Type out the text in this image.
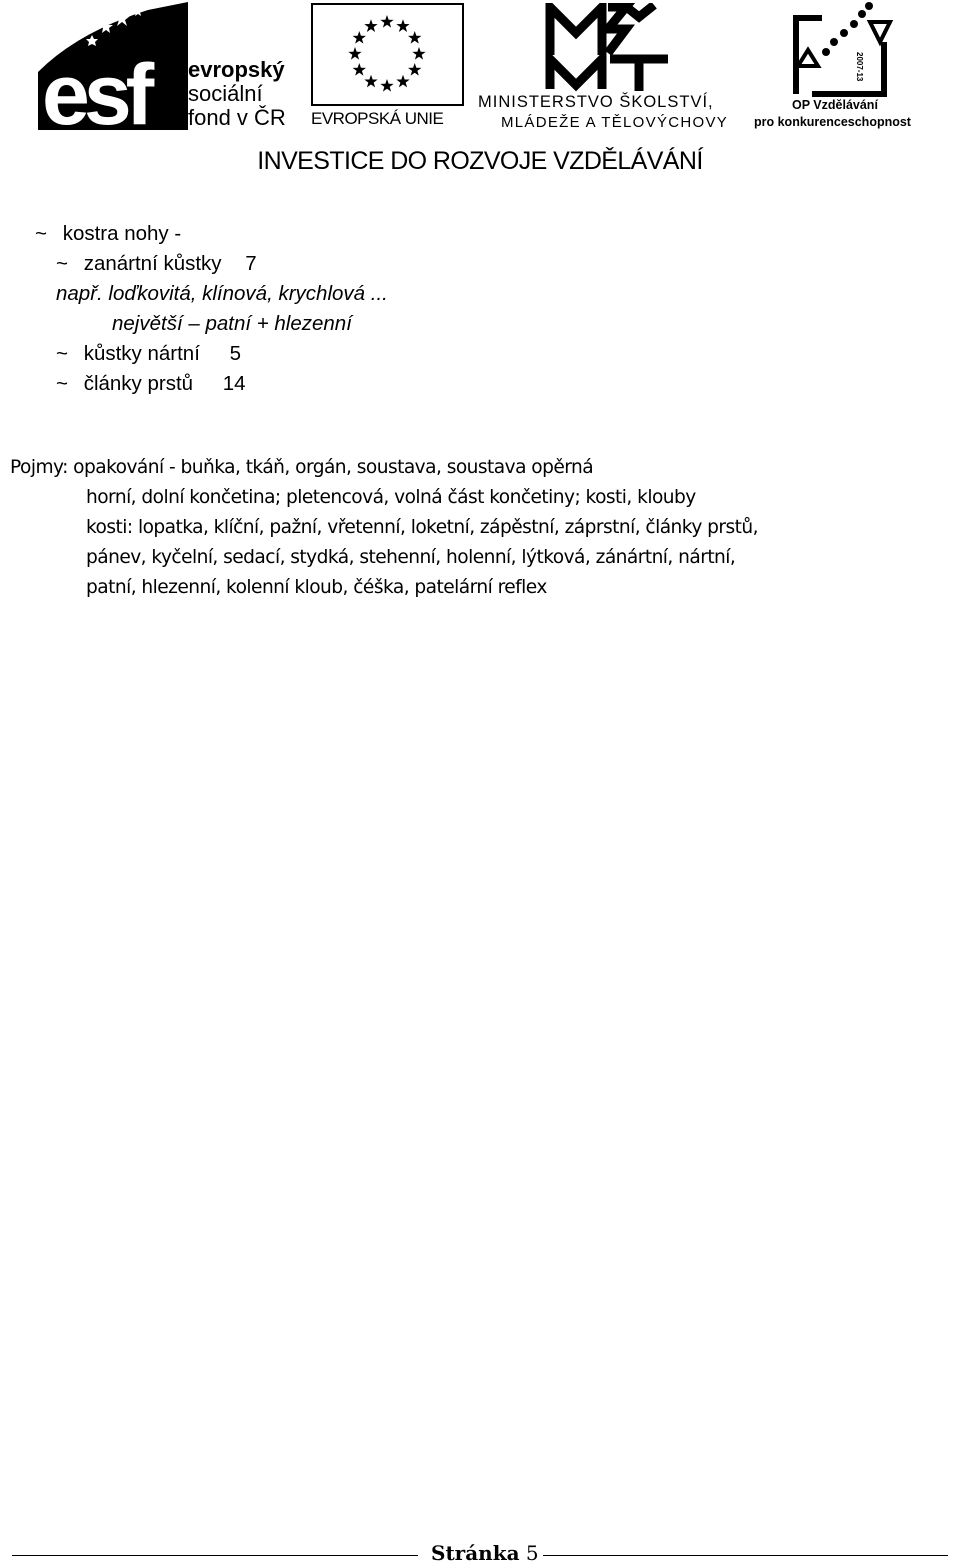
esf evropský
sociální
fond v ČR EVROPSKÁ UNIE
MINISTERSTVO ŠKOLSTVÍ,
MLÁDEŽE A TĚLOVÝCHOVY
2007-13
OP Vzdělávání
pro konkurenceschopnost
INVESTICE DO ROZVOJE VZDĚLÁVÁNÍ
~ kostra nohy -
~ zanártní kůstky 7
např. loďkovitá, klínová, krychlová ...
největší – patní + hlezenní
~ kůstky nártní 5
~ články prstů 14
Pojmy: opakování - buňka, tkáň, orgán, soustava, soustava opěrná
horní, dolní končetina; pletencová, volná část končetiny; kosti, klouby
kosti: lopatka, klíční, pažní, vřetenní, loketní, zápěstní, záprstní, články prstů,
pánev, kyčelní, sedací, stydká, stehenní, holenní, lýtková, zánártní, nártní,
patní, hlezenní, kolenní kloub, čéška, patelární reflex
Stránka 5
